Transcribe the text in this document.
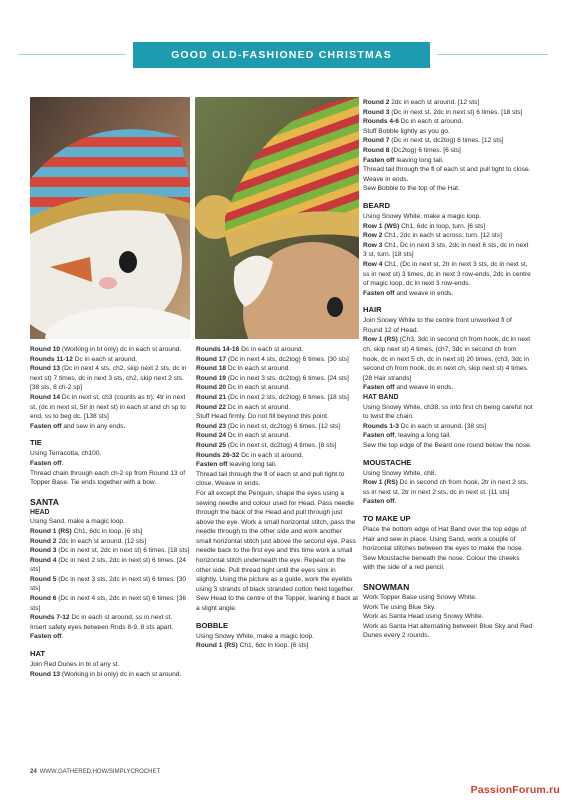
GOOD OLD-FASHIONED CHRISTMAS COLLECTION

Round 10 (Working in bl only) dc in each st around.

Rounds 11-12 Dc in each st around.

Round 13 (Dc in next 4 sts, ch2, skip next 2 sts, dc in next st) 7 times, dc in next 3 sts, ch2, skip next 2 sts. [38 sts, 8 ch-2 sp]

Round 14 Dc in next st, ch3 (counts as tr), 4tr in next st, (dc in next st, 5tr in next st) in each st and ch sp to end, ss to beg dc. [138 sts]

Fasten off and sew in any ends.

TIE

Using Terracotta, ch100.

Fasten off.

Thread chain through each ch-2 sp from Round 13 of Topper Base. Tie ends together with a bow.

SANTA
HEAD

Using Sand, make a magic loop.

Round 1 (RS) Ch1, 6dc in loop. [6 sts]

Round 2 2dc in each st around. [12 sts]

Round 3 (Dc in next st, 2dc in next st) 6 times. [18 sts]

Round 4 (Dc in next 2 sts, 2dc in next st) 6 times. [24 sts]

Round 5 (Dc in next 3 sts, 2dc in next st) 6 times. [30 sts]

Round 6 (Dc in next 4 sts, 2dc in next st) 6 times. [36 sts]

Rounds 7-12 Dc in each st around, ss in next st. Insert safety eyes between Rnds 8-9, 8 sts apart.

Fasten off.

HAT

Join Red Dunes in bl of any st.

Round 13 (Working in bl only) dc in each st around.

Rounds 14-16 Dc in each st around.

Round 17 (Dc in next 4 sts, dc2tog) 6 times. [30 sts]

Round 18 Dc in each st around.

Round 19 (Dc in next 3 sts, dc2tog) 6 times. [24 sts]

Round 20 Dc in each st around.

Round 21 (Dc in next 2 sts, dc2tog) 6 times. [18 sts]

Round 22 Dc in each st around.

Stuff Head firmly. Do not fill beyond this point.

Round 23 (Dc in next st, dc2tog) 6 times. [12 sts]

Round 24 Dc in each st around.

Round 25 (Dc in next st, dc2tog) 4 times. [8 sts]

Rounds 26-32 Dc in each st around.

Fasten off leaving long tail.

Thread tail through the fl of each st and pull tight to close. Weave in ends.

For all except the Penguin, shape the eyes using a sewing needle and colour used for Head. Pass needle through the back of the Head and pull through just above the eye. Work a small horizontal stitch, pass the needle through to the other side and work another small horizontal stitch just above the second eye. Pass needle back to the first eye and this time work a small horizontal stitch underneath the eye. Repeat on the other side. Pull thread tight until the eyes sink in slightly. Using the picture as a guide, work the eyelids using 3 strands of black stranded cotton held together. Sew Head to the centre of the Topper, leaning it back at a slight angle.

BOBBLE

Using Snowy White, make a magic loop.

Round 1 (RS) Ch1, 6dc in loop. [6 sts]

Round 2 2dc in each st around. [12 sts]

Round 3 (Dc in next st, 2dc in next st) 6 times. [18 sts]

Rounds 4-6 Dc in each st around.

Stuff Bobble lightly as you go.

Round 7 (Dc in next st, dc2tog) 6 times. [12 sts]

Round 8 (Dc2tog) 6 times. [6 sts]

Fasten off leaving long tail.

Thread tail through the fl of each st and pull tight to close. Weave in ends.

Sew Bobble to the top of the Hat.

BEARD

Using Snowy White, make a magic loop.

Row 1 (WS) Ch1, 6dc in loop, turn. [6 sts]

Row 2 Ch1, 2dc in each st across, turn. [12 sts]

Row 3 Ch1, Dc in next 3 sts, 2dc in next 6 sts, dc in next 3 st, turn. [18 sts]

Row 4 Ch1, (Dc in next st, 2tr in next 3 sts, dc in next st, ss in next st) 3 times, dc in next 3 row-ends, 2dc in centre of magic loop, dc in next 3 row-ends.

Fasten off and weave in ends.

HAIR

Join Snowy White to the centre front unworked fl of Round 12 of Head.

Row 1 (RS) (Ch3, 3dc in second ch from hook, dc in next ch, skip next st) 4 times, (ch7, 3dc in second ch from hook, dc in next 5 ch, dc in next st) 20 times, (ch3, 3dc in second ch from hook, dc in next ch, skip next st) 4 times.

[28 Hair strands]

Fasten off and weave in ends.

HAT BAND

Using Snowy White, ch38, ss into first ch being careful not to twist the chain.

Rounds 1-3 Dc in each st around. [38 sts]

Fasten off, leaving a long tail.

Sew the top edge of the Beard one round below the nose.

MOUSTACHE

Using Snowy White, ch8.

Row 1 (RS) Dc in second ch from hook, 2tr in next 2 sts, ss in next st, 2tr in next 2 sts, dc in next st. [11 sts]

Fasten off.

TO MAKE UP

Place the bottom edge of Hat Band over the top edge of Hair and sew in place. Using Sand, work a couple of horizontal stitches between the eyes to make the nose. Sew Moustache beneath the nose. Colour the cheeks with the side of a red pencil.

SNOWMAN

Work Topper Base using Snowy White.

Work Tie using Blue Sky.

Work as Santa Head using Snowy White.

Work as Santa Hat alternating between Blue Sky and Red Dunes every 2 rounds.

24 WWW.GATHERED.HOW/SIMPLYCROCHET
PassionForum.ru
